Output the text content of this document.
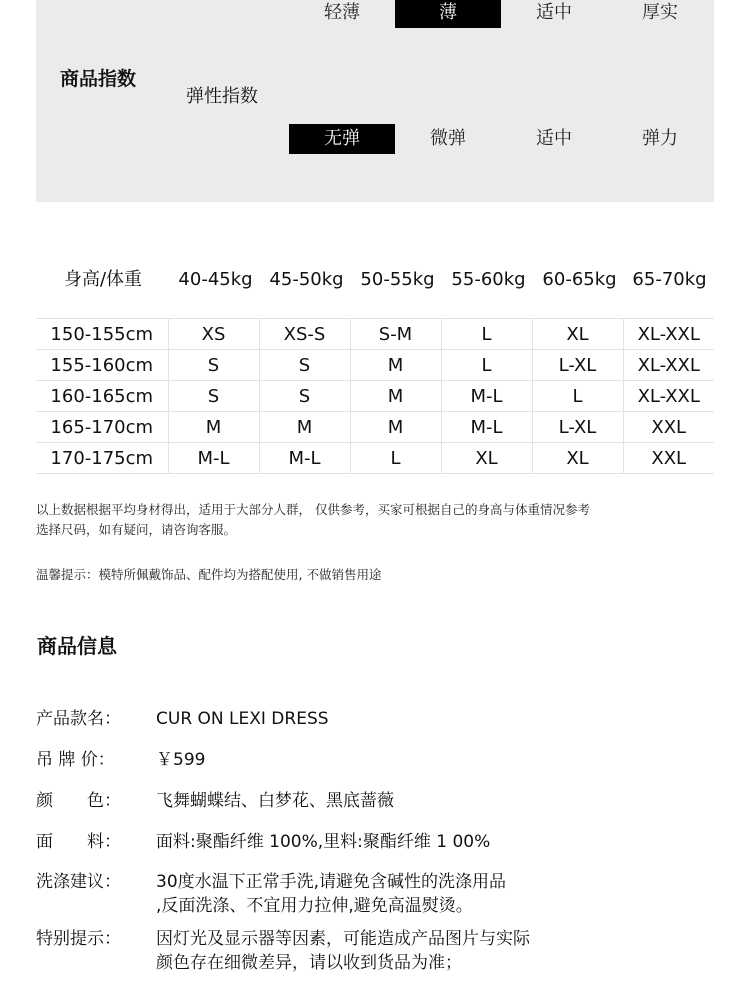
轻薄	薄	适中	厚实
商品指数
弹性指数
无弹	微弹	适中	弹力
身高/体重	40-45kg 45-50kg 50-55kg 55-60kg 60-65kg 65-70kg
150-155cm	XS	XS-S	S-M	L	XL	XL-XXL
155-160cm	S	S	M	L	L-XL	XL-XXL
160-165cm	S	S	M	M-L	L	XL-XXL
165-170cm	M	M	M	M-L	L-XL	XXL
170-175cm	M-L	M-L	L	XL	XL	XXL
以上数据根据平均身材得出，适用于大部分人群， 仅供参考，买家可根据自己的身高与体重情况参考
选择尺码，如有疑问，请咨询客服。
温馨提示：模特所佩戴饰品、配件均为搭配使用, 不做销售用途
商品信息
产品款名：	CUR ON LEXI DRESS
吊 牌 价：	￥599
颜　　色：	飞舞蝴蝶结、白梦花、黑底蔷薇
面　　料：	面料:聚酯纤维 100%,里料:聚酯纤维 1 00%
洗涤建议：	30度水温下正常手洗,请避免含碱性的洗涤用品
,反面洗涤、不宜用力拉伸,避免高温熨烫。
特别提示：	因灯光及显示器等因素，可能造成产品图片与实际
颜色存在细微差异，请以收到货品为准；
